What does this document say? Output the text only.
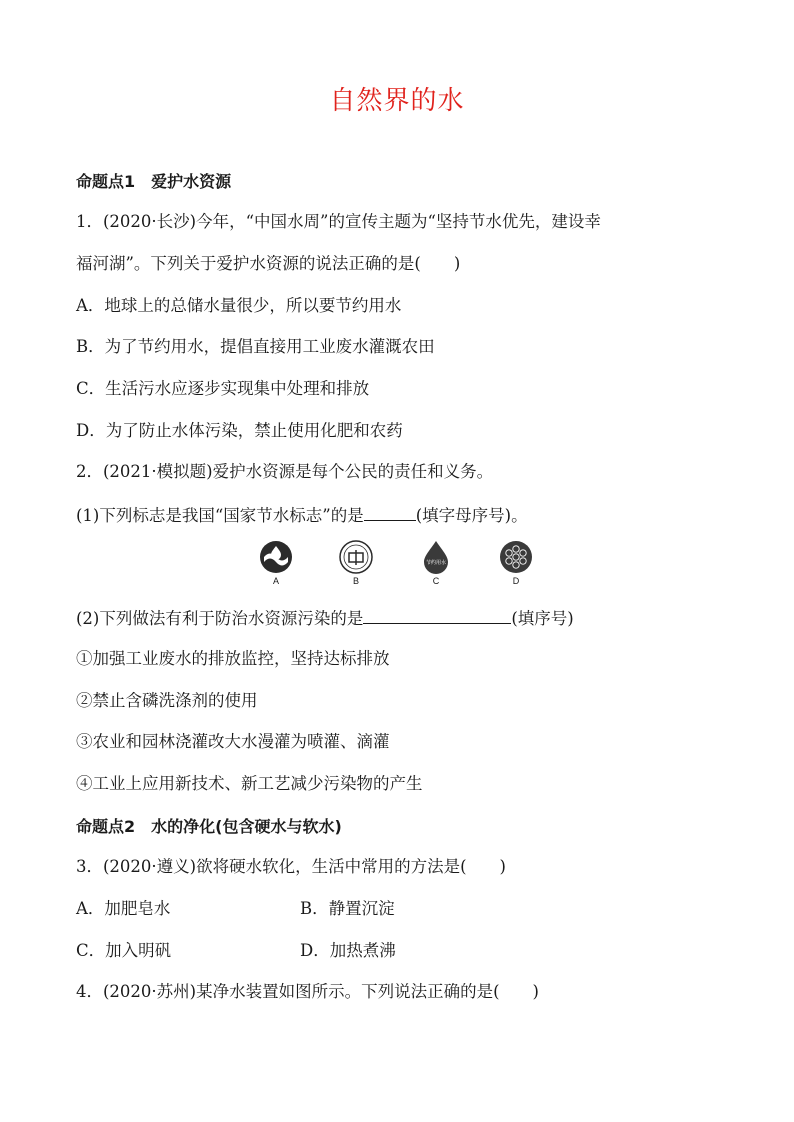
自然界的水
命题点1　爱护水资源
1．(2020·长沙)今年，“中国水周”的宣传主题为“坚持节水优先，建设幸
福河湖”。下列关于爱护水资源的说法正确的是(　　)
A．地球上的总储水量很少，所以要节约用水
B．为了节约用水，提倡直接用工业废水灌溉农田
C．生活污水应逐步实现集中处理和排放
D．为了防止水体污染，禁止使用化肥和农药
2．(2021·模拟题)爱护水资源是每个公民的责任和义务。
(1)下列标志是我国“国家节水标志”的是	(填字母序号)。
A	B
节约用水
C	D
(2)下列做法有利于防治水资源污染的是	(填序号)
①加强工业废水的排放监控，坚持达标排放
②禁止含磷洗涤剂的使用
③农业和园林浇灌改大水漫灌为喷灌、滴灌
④工业上应用新技术、新工艺减少污染物的产生
命题点2　水的净化(包含硬水与软水)
3．(2020·遵义)欲将硬水软化，生活中常用的方法是(　　)
A．加肥皂水	B．静置沉淀
C．加入明矾	D．加热煮沸
4．(2020·苏州)某净水装置如图所示。下列说法正确的是(　　)
